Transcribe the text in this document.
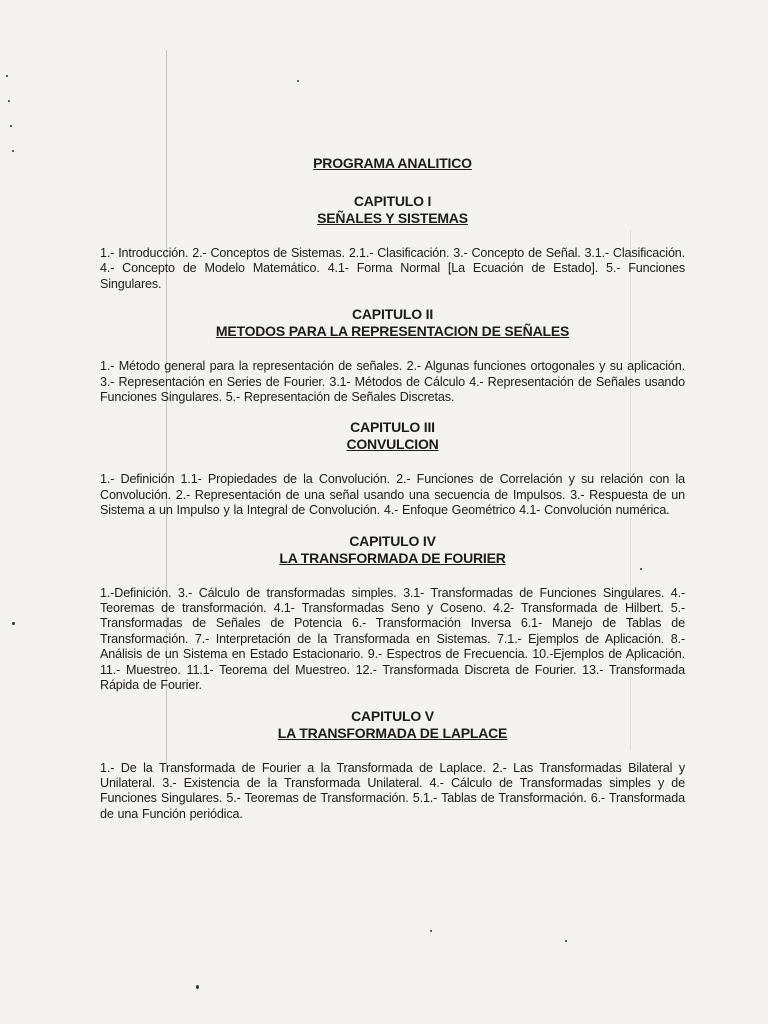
PROGRAMA ANALITICO
CAPITULO I
SEÑALES Y SISTEMAS

1.- Introducción. 2.- Conceptos de Sistemas. 2.1.- Clasificación. 3.- Concepto de Señal. 3.1.- Clasificación. 4.- Concepto de Modelo Matemático. 4.1- Forma Normal [La Ecuación de Estado]. 5.- Funciones Singulares.

CAPITULO II
METODOS PARA LA REPRESENTACION DE SEÑALES

1.- Método general para la representación de señales. 2.- Algunas funciones ortogonales y su aplicación. 3.- Representación en Series de Fourier. 3.1- Métodos de Cálculo 4.- Representación de Señales usando Funciones Singulares. 5.- Representación de Señales Discretas.

CAPITULO III
CONVULCION

1.- Definición 1.1- Propiedades de la Convolución. 2.- Funciones de Correlación y su relación con la Convolución. 2.- Representación de una señal usando una secuencia de Impulsos. 3.- Respuesta de un Sistema a un Impulso y la Integral de Convolución. 4.- Enfoque Geométrico 4.1- Convolución numérica.

CAPITULO IV
LA TRANSFORMADA DE FOURIER

1.-Definición. 3.- Cálculo de transformadas simples. 3.1- Transformadas de Funciones Singulares. 4.-Teoremas de transformación. 4.1- Transformadas Seno y Coseno. 4.2- Transformada de Hilbert. 5.- Transformadas de Señales de Potencia 6.- Transformación Inversa 6.1- Manejo de Tablas de Transformación. 7.- Interpretación de la Transformada en Sistemas. 7.1.- Ejemplos de Aplicación. 8.- Análisis de un Sistema en Estado Estacionario. 9.- Espectros de Frecuencia. 10.-Ejemplos de Aplicación. 11.- Muestreo. 11.1- Teorema del Muestreo. 12.- Transformada Discreta de Fourier. 13.- Transformada Rápida de Fourier.

CAPITULO V
LA TRANSFORMADA DE LAPLACE

1.- De la Transformada de Fourier a la Transformada de Laplace. 2.- Las Transformadas Bilateral y Unilateral. 3.- Existencia de la Transformada Unilateral. 4.- Cálculo de Transformadas simples y de Funciones Singulares. 5.- Teoremas de Transformación. 5.1.- Tablas de Transformación. 6.- Transformada de una Función periódica.
